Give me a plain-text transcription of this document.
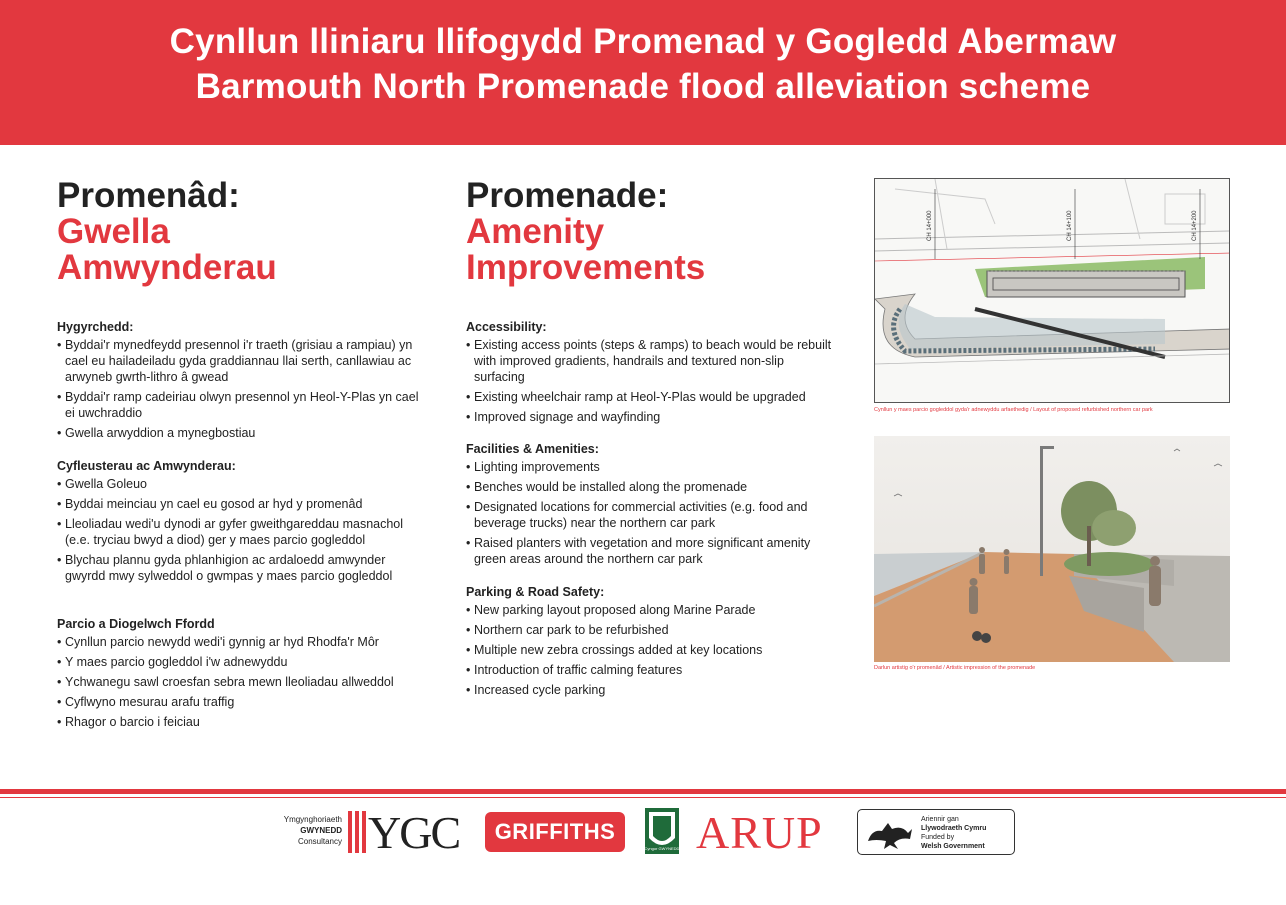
Cynllun lliniaru llifogydd Promenad y Gogledd Abermaw
Barmouth North Promenade flood alleviation scheme
Promenâd:
Gwella
Amwynderau
Hygyrchedd:
• Byddai'r mynedfeydd presennol i'r traeth (grisiau a rampiau) yn cael eu hailadeiladu gyda graddiannau llai serth, canllawiau ac arwyneb gwrth-lithro â gwead
• Byddai'r ramp cadeiriau olwyn presennol yn Heol-Y-Plas yn cael ei uwchraddio
• Gwella arwyddion a mynegbostiau
Cyfleusterau ac Amwynderau:
• Gwella Goleuo
• Byddai meinciau yn cael eu gosod ar hyd y promenâd
• Lleoliadau wedi'u dynodi ar gyfer gweithgareddau masnachol (e.e. tryciau bwyd a diod) ger y maes parcio gogleddol
• Blychau plannu gyda phlanhigion ac ardaloedd amwynder gwyrdd mwy sylweddol o gwmpas y maes parcio gogleddol
Parcio a Diogelwch Ffordd
• Cynllun parcio newydd wedi'i gynnig ar hyd Rhodfa'r Môr
• Y maes parcio gogleddol i'w adnewyddu
• Ychwanegu sawl croesfan sebra mewn lleoliadau allweddol
• Cyflwyno mesurau arafu traffig
• Rhagor o barcio i feiciau
Promenade:
Amenity
Improvements
Accessibility:
• Existing access points (steps & ramps) to beach would be rebuilt with improved gradients, handrails and textured non-slip surfacing
• Existing wheelchair ramp at Heol-Y-Plas would be upgraded
• Improved signage and wayfinding
Facilities & Amenities:
• Lighting improvements
• Benches would be installed along the promenade
• Designated locations for commercial activities (e.g. food and beverage trucks) near the northern car park
• Raised planters with vegetation and more significant amenity green areas around the northern car park
Parking & Road Safety:
• New parking layout proposed along Marine Parade
• Northern car park to be refurbished
• Multiple new zebra crossings added at key locations
• Introduction of traffic calming features
• Increased cycle parking
CH 14+000	CH 14+100	CH 14+200
Cynllun y maes parcio gogleddol gyda'r adnewyddu arfaethedig / Layout of proposed refurbished northern car park
Darlun artistig o'r promenâd / Artistic impression of the promenade
Ymgynghoriaeth
GWYNEDD
Consultancy YGC	GRIFFITHS
Cyngor GWYNEDD ARUP	Ariennir gan
Llywodraeth Cymru
Funded by
Welsh Government
